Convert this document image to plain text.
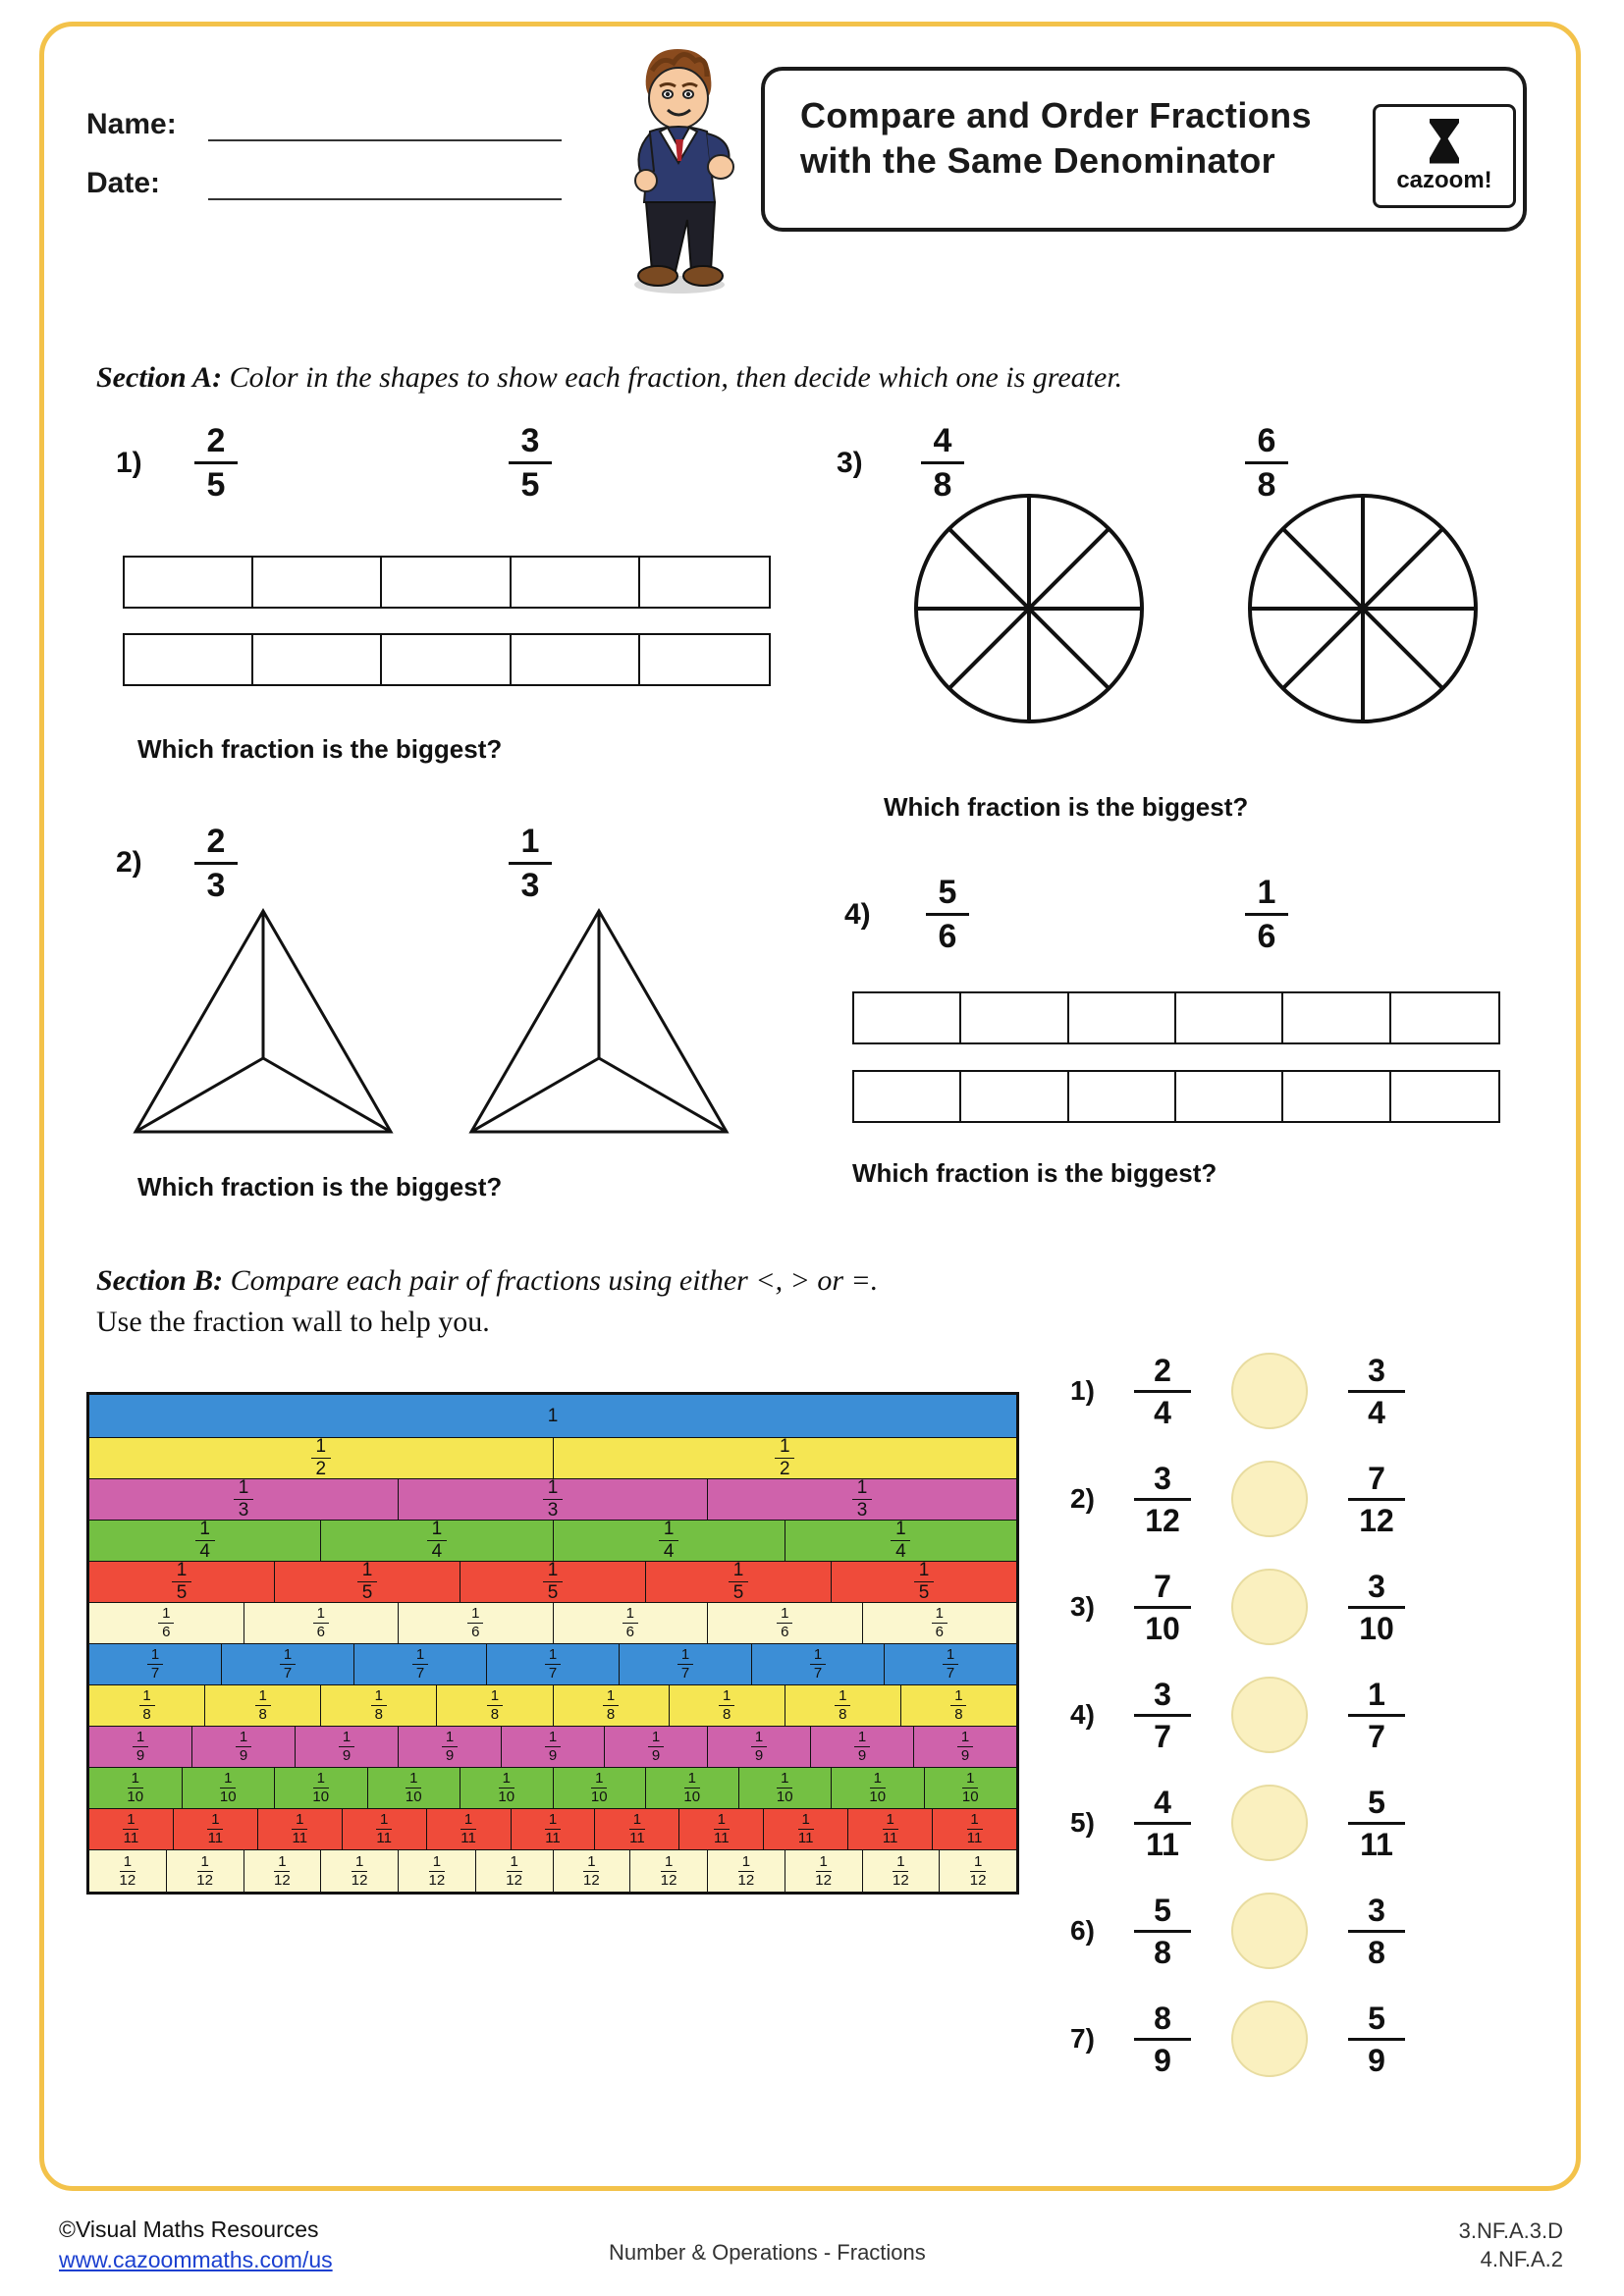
Name:
Date:
Compare and Order Fractions with the Same Denominator	cazoom!
Section A: Color in the shapes to show each fraction, then decide which one is greater.
1)
2
5
3
5
Which fraction is the biggest?
2)
2
3
1
3
Which fraction is the biggest?
3)
4
8
6
8
Which fraction is the biggest?
4)
5
6
1
6
Which fraction is the biggest?
Section B: Compare each pair of fractions using either <, > or =.
Use the fraction wall to help you.
1
1
2
1
2
1
3
1
3
1
3
1
4
1
4
1
4
1
4
1
5
1
5
1
5
1
5
1
5
1
6
1
6
1
6
1
6
1
6
1
6
1
7
1
7
1
7
1
7
1
7
1
7
1
7
1
8
1
8
1
8
1
8
1
8
1
8
1
8
1
8
1
9
1
9
1
9
1
9
1
9
1
9
1
9
1
9
1
9
1
10
1
10
1
10
1
10
1
10
1
10
1
10
1
10
1
10
1
10
1
11
1
11
1
11
1
11
1
11
1
11
1
11
1
11
1
11
1
11
1
11
1
12
1
12
1
12
1
12
1
12
1
12
1
12
1
12
1
12
1
12
1
12
1
12
1)
2
4
3
4
2)
3
12
7
12
3)
7
10
3
10
4)
3
7
1
7
5)
4
11
5
11
6)
5
8
3
8
7)
8
9
5
9
©Visual Maths Resources
www.cazoommaths.com/us	Number & Operations - Fractions
3.NF.A.3.D
4.NF.A.2
